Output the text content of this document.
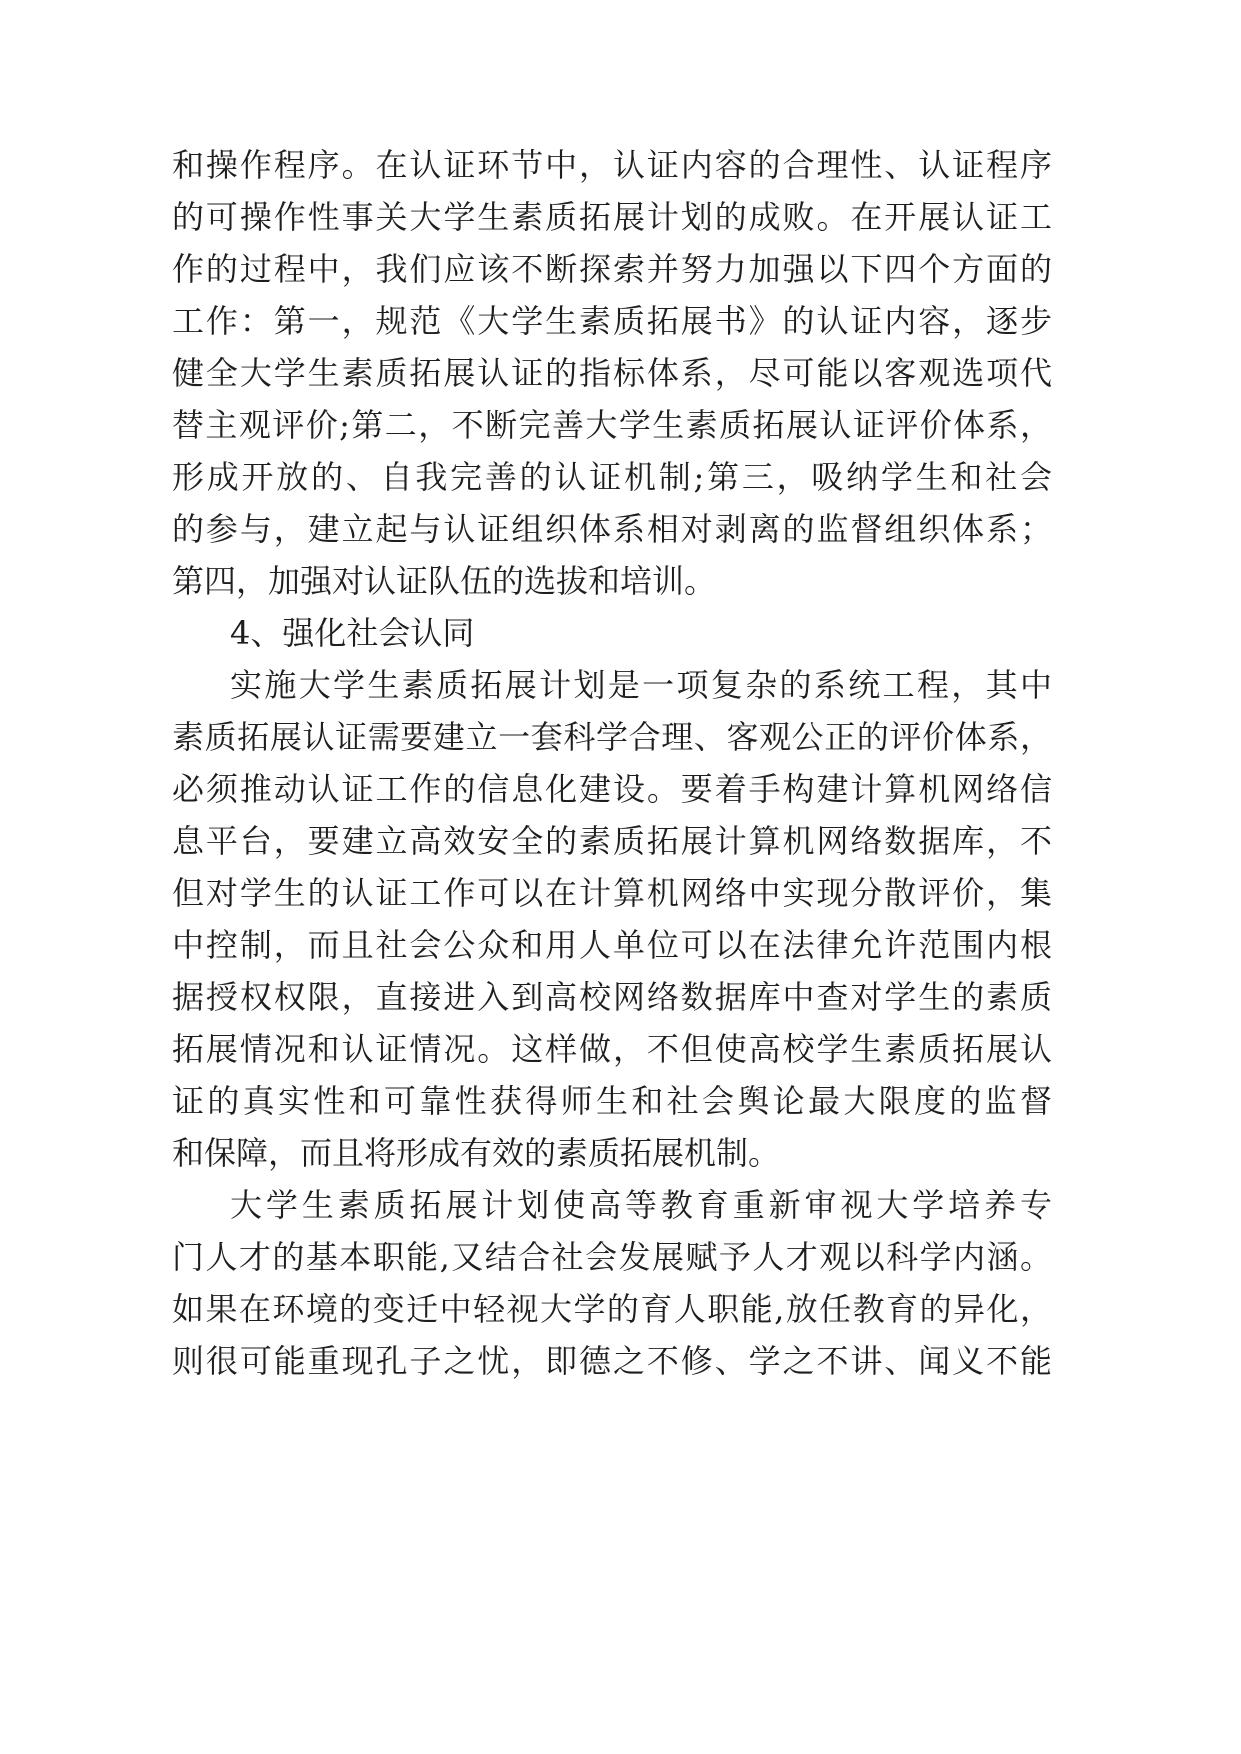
和操作程序。在认证环节中，认证内容的合理性、认证程序
的可操作性事关大学生素质拓展计划的成败。在开展认证工
作的过程中，我们应该不断探索并努力加强以下四个方面的
工作：第一，规范《大学生素质拓展书》的认证内容，逐步
健全大学生素质拓展认证的指标体系，尽可能以客观选项代
替主观评价;第二，不断完善大学生素质拓展认证评价体系，
形成开放的、自我完善的认证机制;第三，吸纳学生和社会
的参与，建立起与认证组织体系相对剥离的监督组织体系；
第四，加强对认证队伍的选拔和培训。
4、强化社会认同
实施大学生素质拓展计划是一项复杂的系统工程，其中
素质拓展认证需要建立一套科学合理、客观公正的评价体系，
必须推动认证工作的信息化建设。要着手构建计算机网络信
息平台，要建立高效安全的素质拓展计算机网络数据库，不
但对学生的认证工作可以在计算机网络中实现分散评价，集
中控制，而且社会公众和用人单位可以在法律允许范围内根
据授权权限，直接进入到高校网络数据库中查对学生的素质
拓展情况和认证情况。这样做，不但使高校学生素质拓展认
证的真实性和可靠性获得师生和社会舆论最大限度的监督
和保障，而且将形成有效的素质拓展机制。
大学生素质拓展计划使高等教育重新审视大学培养专
门人才的基本职能,又结合社会发展赋予人才观以科学内涵。
如果在环境的变迁中轻视大学的育人职能,放任教育的异化，
则很可能重现孔子之忧，即德之不修、学之不讲、闻义不能
